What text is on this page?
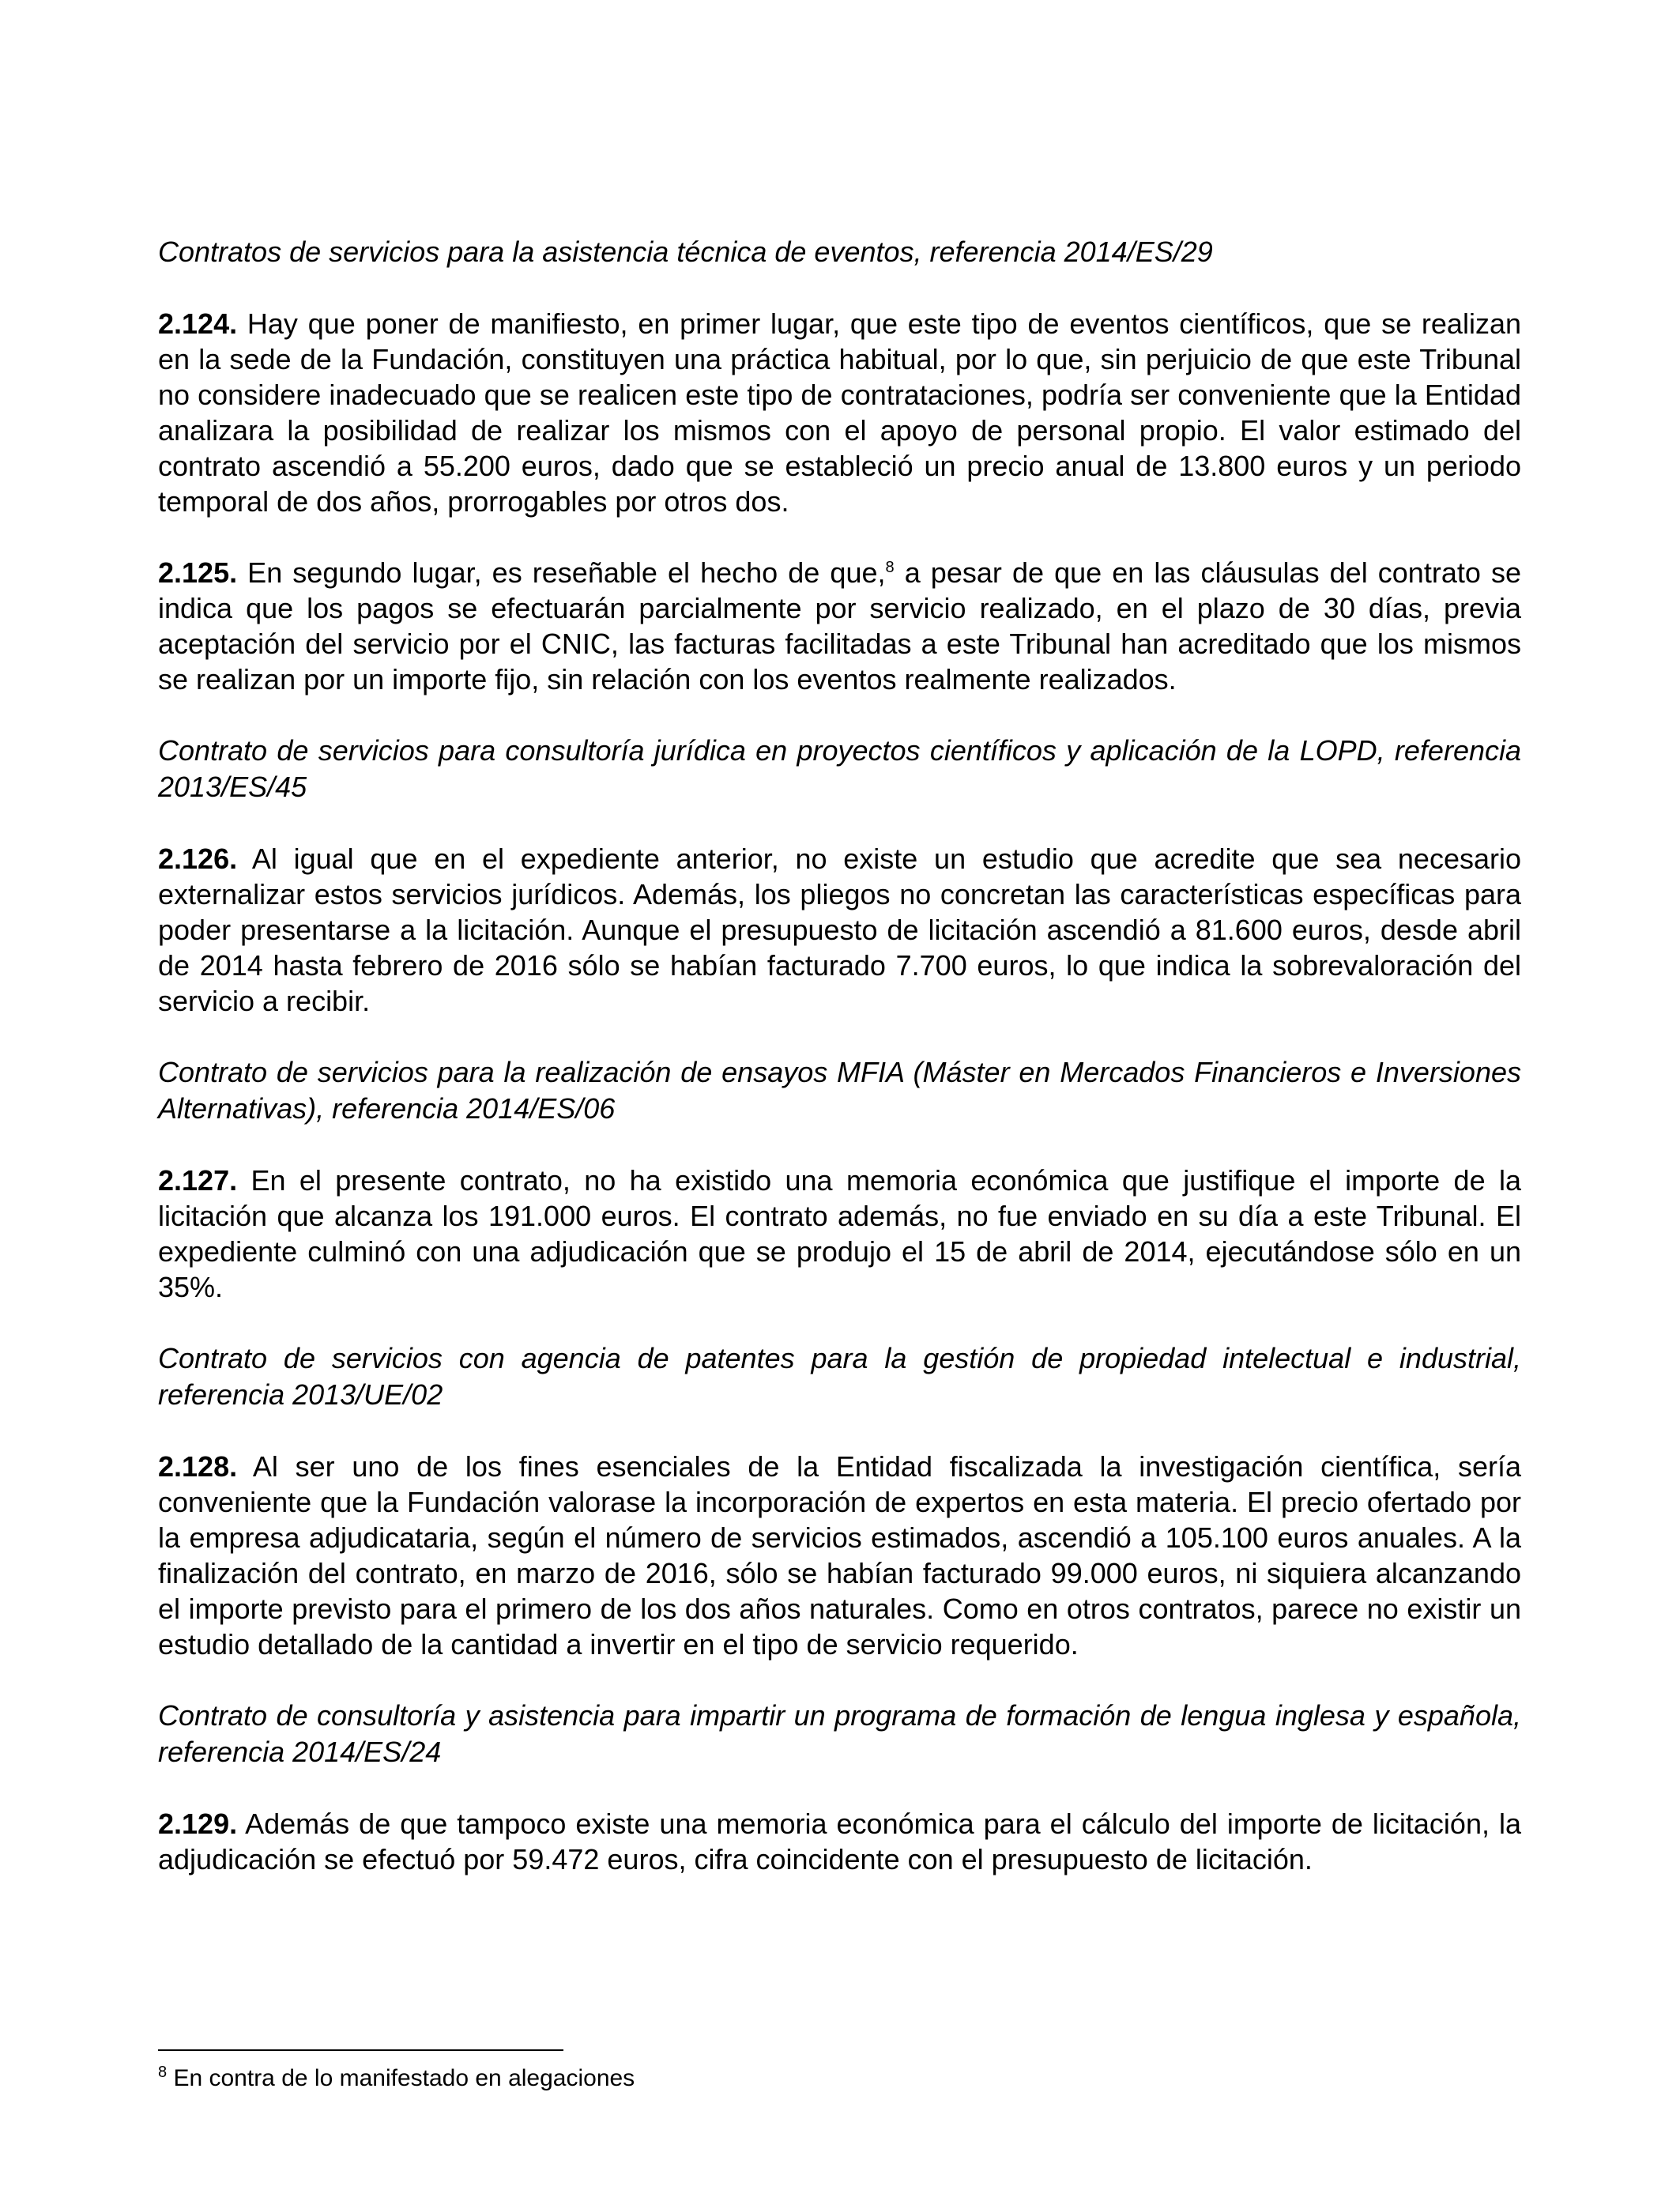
Contratos de servicios para la asistencia técnica de eventos, referencia 2014/ES/29

2.124. Hay que poner de manifiesto, en primer lugar, que este tipo de eventos científicos, que se realizan en la sede de la Fundación, constituyen una práctica habitual, por lo que, sin perjuicio de que este Tribunal no considere inadecuado que se realicen este tipo de contrataciones, podría ser conveniente que la Entidad analizara la posibilidad de realizar los mismos con el apoyo de personal propio. El valor estimado del contrato ascendió a 55.200 euros, dado que se estableció un precio anual de 13.800 euros y un periodo temporal de dos años, prorrogables por otros dos.

2.125. En segundo lugar, es reseñable el hecho de que,$^8$ a pesar de que en las cláusulas del contrato se indica que los pagos se efectuarán parcialmente por servicio realizado, en el plazo de 30 días, previa aceptación del servicio por el CNIC, las facturas facilitadas a este Tribunal han acreditado que los mismos se realizan por un importe fijo, sin relación con los eventos realmente realizados.

Contrato de servicios para consultoría jurídica en proyectos científicos y aplicación de la LOPD, referencia 2013/ES/45

2.126. Al igual que en el expediente anterior, no existe un estudio que acredite que sea necesario externalizar estos servicios jurídicos. Además, los pliegos no concretan las características específicas para poder presentarse a la licitación. Aunque el presupuesto de licitación ascendió a 81.600 euros, desde abril de 2014 hasta febrero de 2016 sólo se habían facturado 7.700 euros, lo que indica la sobrevaloración del servicio a recibir.

Contrato de servicios para la realización de ensayos MFIA (Máster en Mercados Financieros e Inversiones Alternativas), referencia 2014/ES/06

2.127. En el presente contrato, no ha existido una memoria económica que justifique el importe de la licitación que alcanza los 191.000 euros. El contrato además, no fue enviado en su día a este Tribunal. El expediente culminó con una adjudicación que se produjo el 15 de abril de 2014, ejecutándose sólo en un 35%.

Contrato de servicios con agencia de patentes para la gestión de propiedad intelectual e industrial, referencia 2013/UE/02

2.128. Al ser uno de los fines esenciales de la Entidad fiscalizada la investigación científica, sería conveniente que la Fundación valorase la incorporación de expertos en esta materia. El precio ofertado por la empresa adjudicataria, según el número de servicios estimados, ascendió a 105.100 euros anuales. A la finalización del contrato, en marzo de 2016, sólo se habían facturado 99.000 euros, ni siquiera alcanzando el importe previsto para el primero de los dos años naturales. Como en otros contratos, parece no existir un estudio detallado de la cantidad a invertir en el tipo de servicio requerido.

Contrato de consultoría y asistencia para impartir un programa de formación de lengua inglesa y española, referencia 2014/ES/24

2.129. Además de que tampoco existe una memoria económica para el cálculo del importe de licitación, la adjudicación se efectuó por 59.472 euros, cifra coincidente con el presupuesto de licitación.

$^8$ En contra de lo manifestado en alegaciones
